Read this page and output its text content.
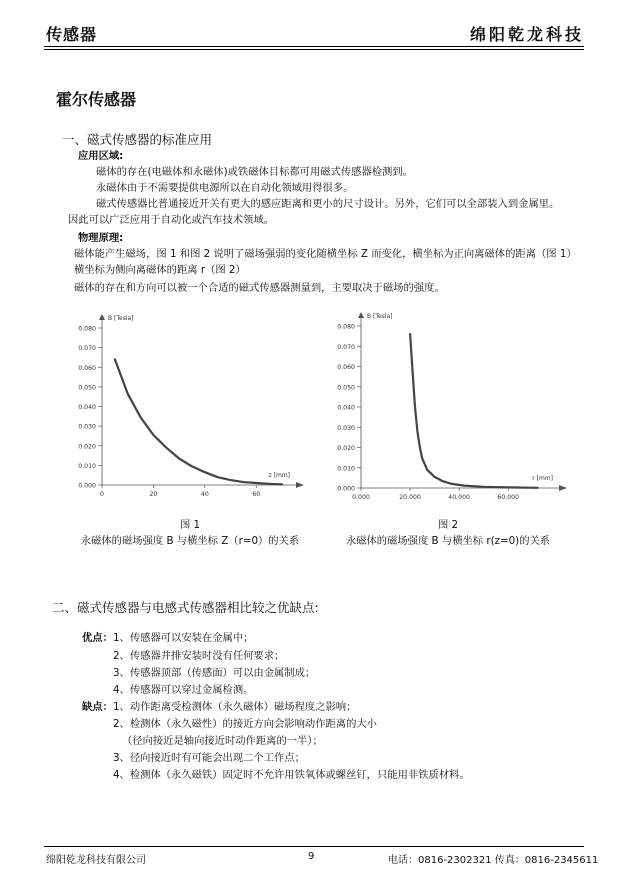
传感器	绵阳乾龙科技
霍尔传感器
一、磁式传感器的标准应用
应用区域:
磁体的存在(电磁体和永磁体)或铁磁体目标都可用磁式传感器检测到。
永磁体由于不需要提供电源所以在自动化领域用得很多。
磁式传感器比普通接近开关有更大的感应距离和更小的尺寸设计。另外，它们可以全部装入到金属里。
因此可以广泛应用于自动化或汽车技术领域。
物理原理:
磁体能产生磁场，图 1 和图 2 说明了磁场强弱的变化随横坐标 Z 而变化，横坐标为正向离磁体的距离（图 1）
横坐标为侧向离磁体的距离 r（图 2）
磁体的存在和方向可以被一个合适的磁式传感器测量到，主要取决于磁场的强度。
0.080
0.070
0.060
0.050
0.040
0.030
0.020
0.010
0.000
0	20	40	60
B [Tesla]
z [mm]
0.080
0.070
0.060
0.050
0.040
0.030
0.020
0.010
0.000
0.000	20.000	40.000	60.000
B [Tesla]
r [mm]
图 1
永磁体的磁场强度 B 与横坐标 Z（r=0）的关系
图 2
永磁体的磁场强度 B 与横坐标 r(z=0)的关系
二、磁式传感器与电感式传感器相比较之优缺点:
优点： 1、传感器可以安装在金属中；
2、传感器并排安装时没有任何要求；
3、传感器顶部（传感面）可以由金属制成；
4、传感器可以穿过金属检测。
缺点： 1、动作距离受检测体（永久磁体）磁场程度之影响；
2、检测体（永久磁性）的接近方向会影响动作距离的大小
（径向接近是轴向接近时动作距离的一半）；
3、径向接近时有可能会出现二个工作点；
4、检测体（永久磁铁）固定时不允许用铁氧体或螺丝钉，只能用非铁质材料。
绵阳乾龙科技有限公司	9	电话：0816-2302321 传真：0816-2345611
